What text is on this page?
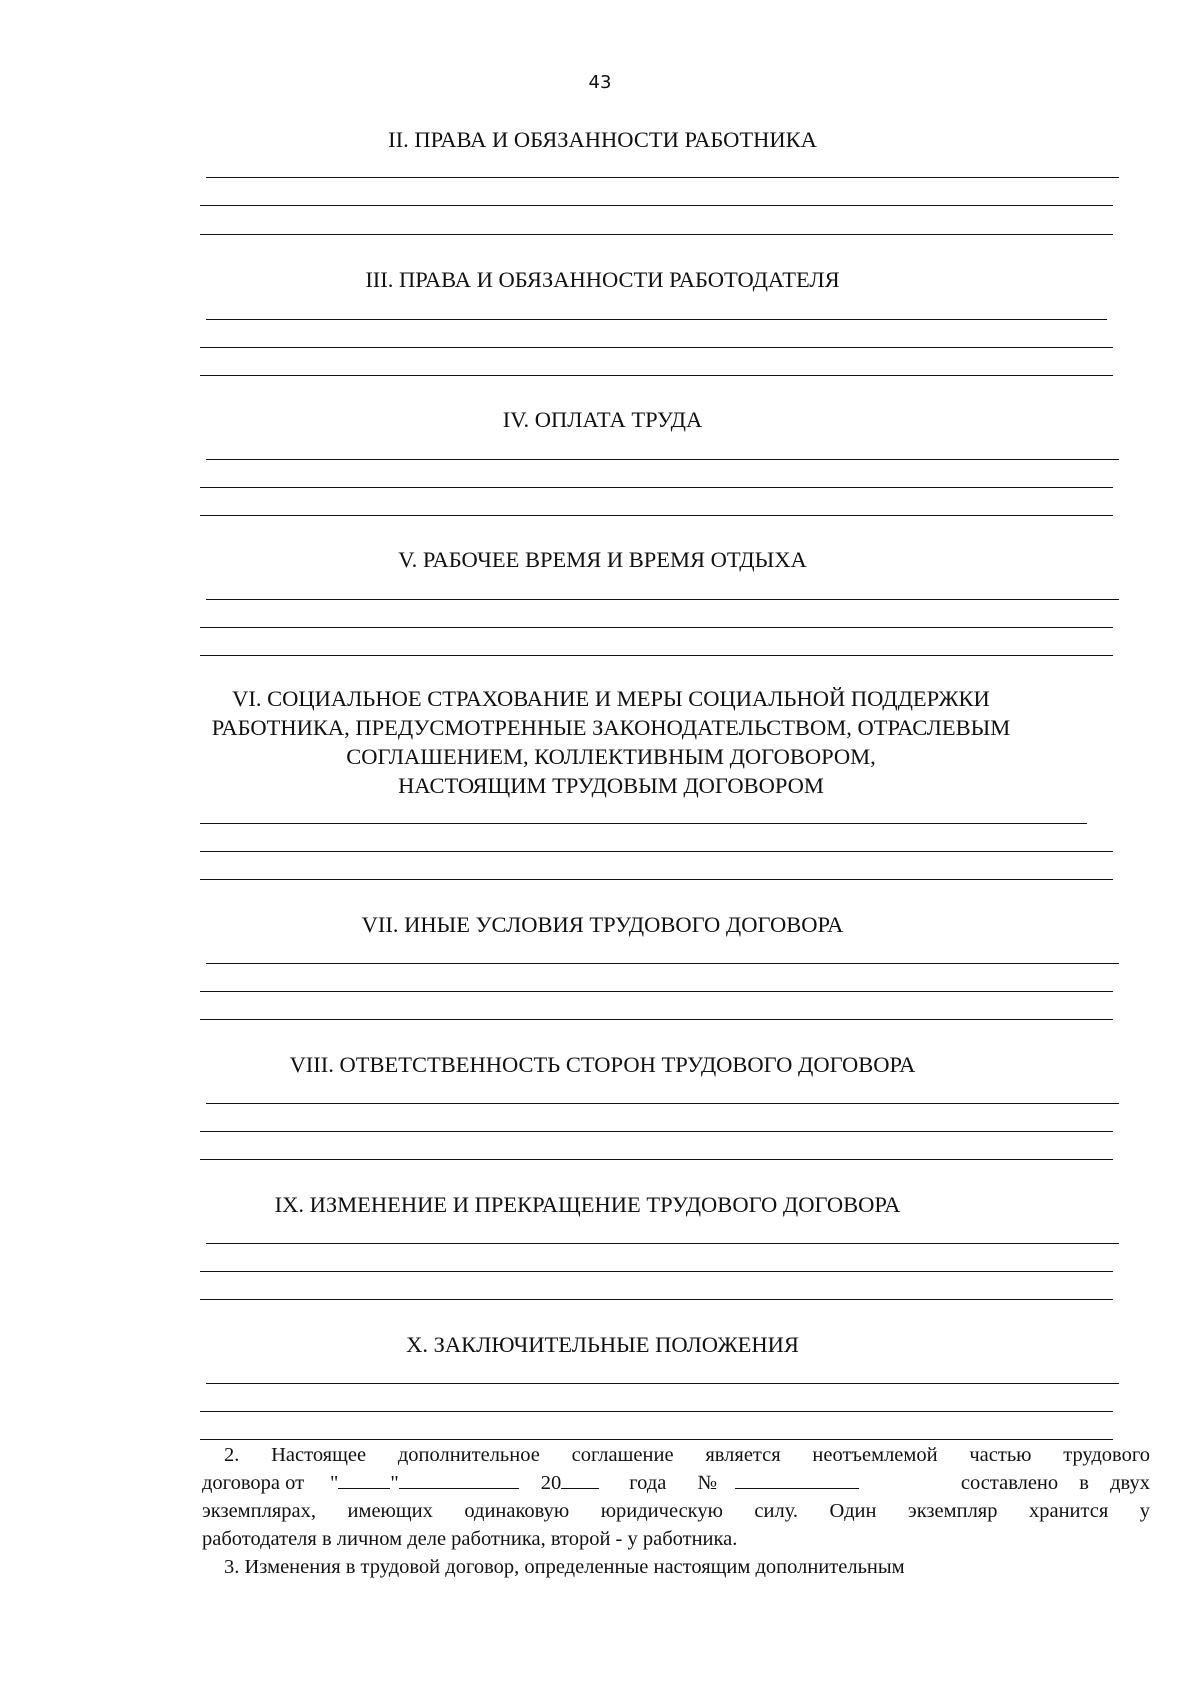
43
II. ПРАВА И ОБЯЗАННОСТИ РАБОТНИКА
III. ПРАВА И ОБЯЗАННОСТИ РАБОТОДАТЕЛЯ
IV. ОПЛАТА ТРУДА
V. РАБОЧЕЕ ВРЕМЯ И ВРЕМЯ ОТДЫХА
VI. СОЦИАЛЬНОЕ СТРАХОВАНИЕ И МЕРЫ СОЦИАЛЬНОЙ ПОДДЕРЖКИ
РАБОТНИКА, ПРЕДУСМОТРЕННЫЕ ЗАКОНОДАТЕЛЬСТВОМ, ОТРАСЛЕВЫМ
СОГЛАШЕНИЕМ, КОЛЛЕКТИВНЫМ ДОГОВОРОМ,
НАСТОЯЩИМ ТРУДОВЫМ ДОГОВОРОМ
VII. ИНЫЕ УСЛОВИЯ ТРУДОВОГО ДОГОВОРА
VIII. ОТВЕТСТВЕННОСТЬ СТОРОН ТРУДОВОГО ДОГОВОРА
IX. ИЗМЕНЕНИЕ И ПРЕКРАЩЕНИЕ ТРУДОВОГО ДОГОВОРА
X. ЗАКЛЮЧИТЕЛЬНЫЕ ПОЛОЖЕНИЯ
2. Настоящее дополнительное соглашение является неотъемлемой частью трудового
договора от "	"	20	года №	составлено в двух
экземплярах, имеющих одинаковую юридическую силу. Один экземпляр хранится у
работодателя в личном деле работника, второй - у работника.
3. Изменения в трудовой договор, определенные настоящим дополнительным
